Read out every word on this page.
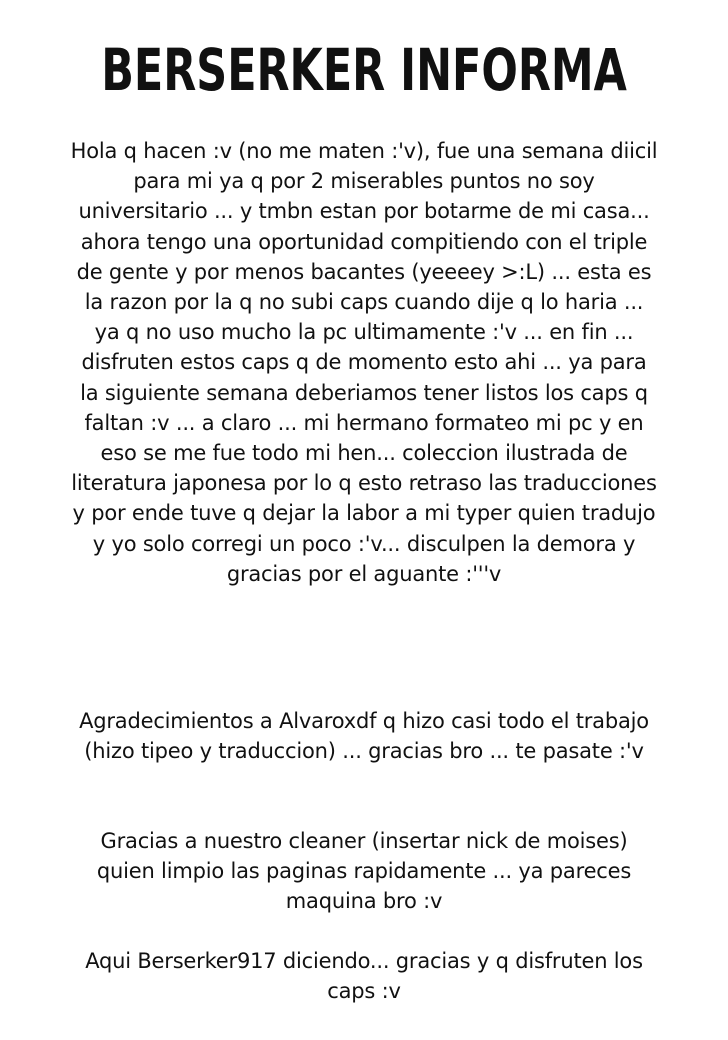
BERSERKER INFORMA
Hola q hacen :v (no me maten :'v), fue una semana diicil para mi ya q por 2 miserables puntos no soy universitario ... y tmbn estan por botarme de mi casa... ahora tengo una oportunidad compitiendo con el triple de gente y por menos bacantes (yeeeey >:L) ... esta es la razon por la q no subi caps cuando dije q lo haria ... ya q no uso mucho la pc ultimamente :'v ... en fin ... disfruten estos caps q de momento esto ahi ... ya para la siguiente semana deberiamos tener listos los caps q faltan :v ... a claro ... mi hermano formateo mi pc y en eso se me fue todo mi hen... coleccion ilustrada de literatura japonesa por lo q esto retraso las traducciones y por ende tuve q dejar la labor a mi typer quien tradujo y yo solo corregi un poco :'v... disculpen la demora y gracias por el aguante :'''v
Agradecimientos a Alvaroxdf q hizo casi todo el trabajo (hizo tipeo y traduccion) ... gracias bro ... te pasate :'v
Gracias a nuestro cleaner (insertar nick de moises) quien limpio las paginas rapidamente ... ya pareces maquina bro :v
Aqui Berserker917 diciendo... gracias y q disfruten los caps :v
